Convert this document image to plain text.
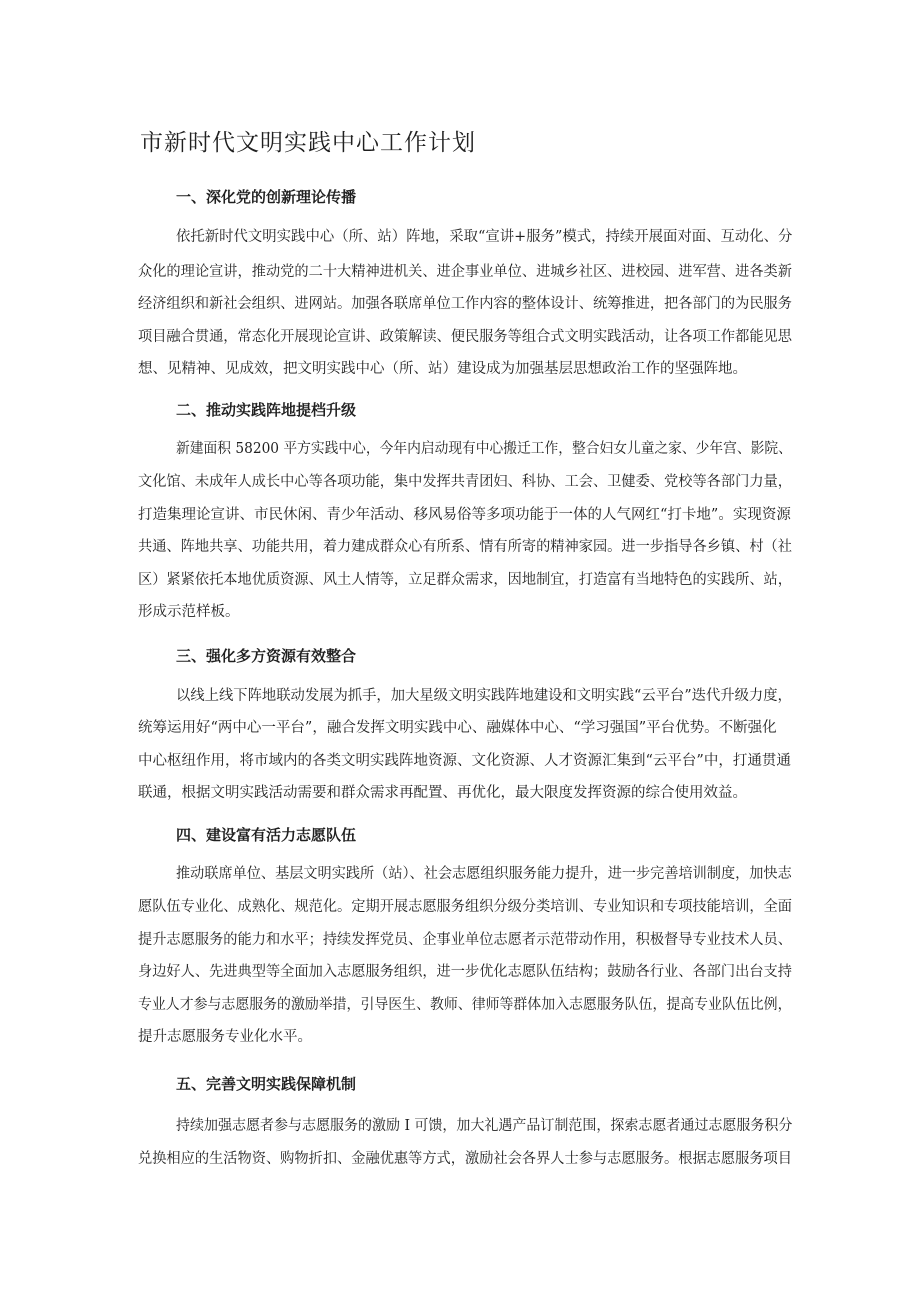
市新时代文明实践中心工作计划
一、深化党的创新理论传播
依托新时代文明实践中心（所、站）阵地，采取“宣讲+服务”模式，持续开展面对面、互动化、分
众化的理论宣讲，推动党的二十大精神进机关、进企事业单位、进城乡社区、进校园、进军营、进各类新
经济组织和新社会组织、进网站。加强各联席单位工作内容的整体设计、统筹推进，把各部门的为民服务
项目融合贯通，常态化开展现论宣讲、政策解读、便民服务等组合式文明实践活动，让各项工作都能见思
想、见精神、见成效，把文明实践中心（所、站）建设成为加强基层思想政治工作的坚强阵地。
二、推动实践阵地提档升级
新建面积 58200 平方实践中心，今年内启动现有中心搬迁工作，整合妇女儿童之家、少年宫、影院、
文化馆、未成年人成长中心等各项功能，集中发挥共青团妇、科协、工会、卫健委、党校等各部门力量，
打造集理论宣讲、市民休闲、青少年活动、移风易俗等多项功能于一体的人气网红“打卡地”。实现资源
共通、阵地共享、功能共用，着力建成群众心有所系、情有所寄的精神家园。进一步指导各乡镇、村（社
区）紧紧依托本地优质资源、风土人情等，立足群众需求，因地制宜，打造富有当地特色的实践所、站，
形成示范样板。
三、强化多方资源有效整合
以线上线下阵地联动发展为抓手，加大星级文明实践阵地建设和文明实践“云平台”迭代升级力度，
统筹运用好“两中心一平台”，融合发挥文明实践中心、融媒体中心、“学习强国”平台优势。不断强化
中心枢纽作用，将市域内的各类文明实践阵地资源、文化资源、人才资源汇集到“云平台”中，打通贯通
联通，根据文明实践活动需要和群众需求再配置、再优化，最大限度发挥资源的综合使用效益。
四、建设富有活力志愿队伍
推动联席单位、基层文明实践所（站）、社会志愿组织服务能力提升，进一步完善培训制度，加快志
愿队伍专业化、成熟化、规范化。定期开展志愿服务组织分级分类培训、专业知识和专项技能培训，全面
提升志愿服务的能力和水平；持续发挥党员、企事业单位志愿者示范带动作用，积极督导专业技术人员、
身边好人、先进典型等全面加入志愿服务组织，进一步优化志愿队伍结构；鼓励各行业、各部门出台支持
专业人才参与志愿服务的激励举措，引导医生、教师、律师等群体加入志愿服务队伍，提高专业队伍比例，
提升志愿服务专业化水平。
五、完善文明实践保障机制
持续加强志愿者参与志愿服务的激励 I 可馈，加大礼遇产品订制范围，探索志愿者通过志愿服务积分
兑换相应的生活物资、购物折扣、金融优惠等方式，激励社会各界人士参与志愿服务。根据志愿服务项目
